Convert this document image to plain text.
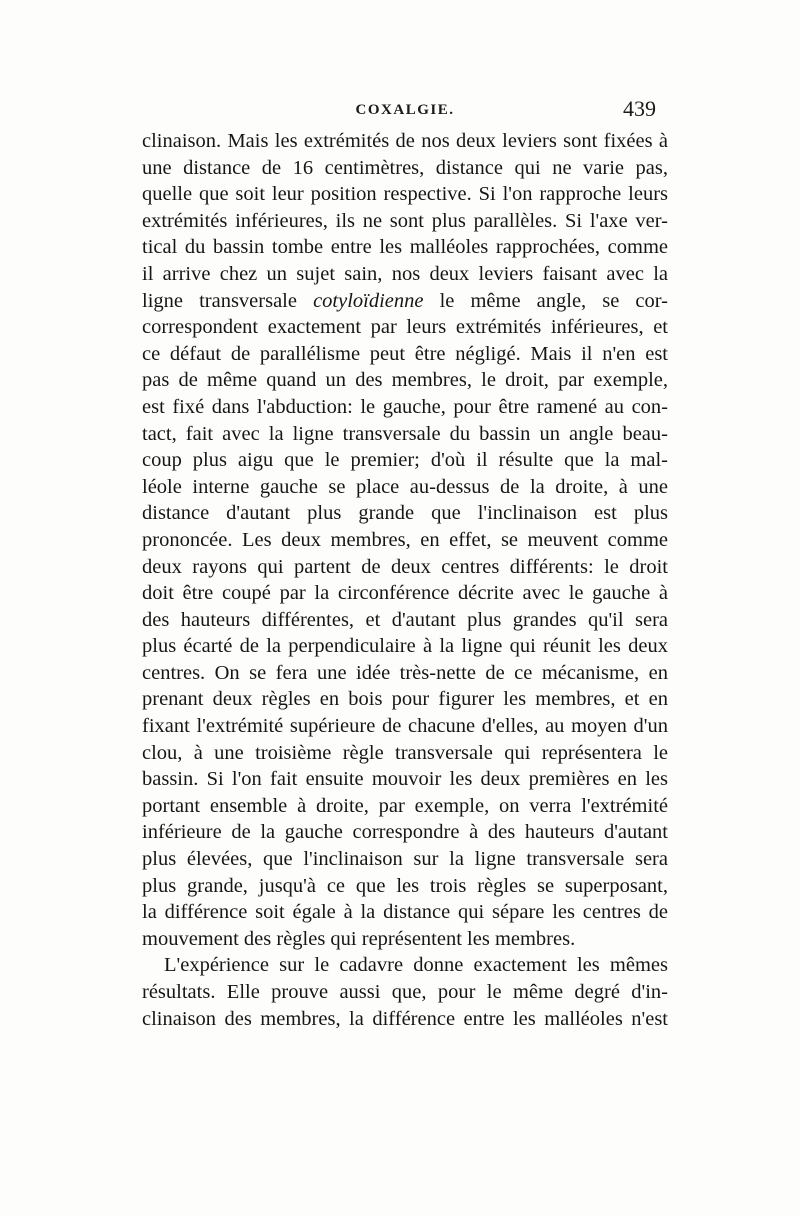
COXALGIE.	439
clinaison. Mais les extrémités de nos deux leviers sont fixées à
une distance de 16 centimètres, distance qui ne varie pas,
quelle que soit leur position respective. Si l'on rapproche leurs
extrémités inférieures, ils ne sont plus parallèles. Si l'axe ver-
tical du bassin tombe entre les malléoles rapprochées, comme
il arrive chez un sujet sain, nos deux leviers faisant avec la
ligne transversale cotyloïdienne le même angle, se cor-
correspondent exactement par leurs extrémités inférieures, et
ce défaut de parallélisme peut être négligé. Mais il n'en est
pas de même quand un des membres, le droit, par exemple,
est fixé dans l'abduction: le gauche, pour être ramené au con-
tact, fait avec la ligne transversale du bassin un angle beau-
coup plus aigu que le premier; d'où il résulte que la mal-
léole interne gauche se place au-dessus de la droite, à une
distance d'autant plus grande que l'inclinaison est plus
prononcée. Les deux membres, en effet, se meuvent comme
deux rayons qui partent de deux centres différents: le droit
doit être coupé par la circonférence décrite avec le gauche à
des hauteurs différentes, et d'autant plus grandes qu'il sera
plus écarté de la perpendiculaire à la ligne qui réunit les deux
centres. On se fera une idée très-nette de ce mécanisme, en
prenant deux règles en bois pour figurer les membres, et en
fixant l'extrémité supérieure de chacune d'elles, au moyen d'un
clou, à une troisième règle transversale qui représentera le
bassin. Si l'on fait ensuite mouvoir les deux premières en les
portant ensemble à droite, par exemple, on verra l'extrémité
inférieure de la gauche correspondre à des hauteurs d'autant
plus élevées, que l'inclinaison sur la ligne transversale sera
plus grande, jusqu'à ce que les trois règles se superposant,
la différence soit égale à la distance qui sépare les centres de
mouvement des règles qui représentent les membres.
L'expérience sur le cadavre donne exactement les mêmes
résultats. Elle prouve aussi que, pour le même degré d'in-
clinaison des membres, la différence entre les malléoles n'est
